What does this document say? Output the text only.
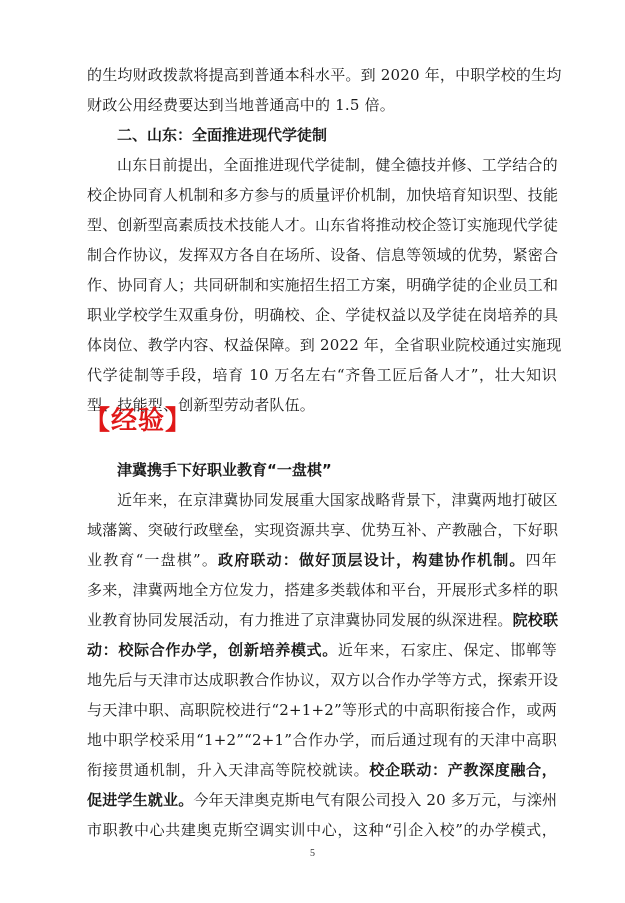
的生均财政拨款将提高到普通本科水平。到 2020 年，中职学校的生均
财政公用经费要达到当地普通高中的 1.5 倍。
二、山东：全面推进现代学徒制
山东日前提出，全面推进现代学徒制，健全德技并修、工学结合的
校企协同育人机制和多方参与的质量评价机制，加快培育知识型、技能
型、创新型高素质技术技能人才。山东省将推动校企签订实施现代学徒
制合作协议，发挥双方各自在场所、设备、信息等领域的优势，紧密合
作、协同育人；共同研制和实施招生招工方案，明确学徒的企业员工和
职业学校学生双重身份，明确校、企、学徒权益以及学徒在岗培养的具
体岗位、教学内容、权益保障。到 2022 年，全省职业院校通过实施现
代学徒制等手段，培育 10 万名左右“齐鲁工匠后备人才”，壮大知识
型、技能型、创新型劳动者队伍。
【经验】
津冀携手下好职业教育“一盘棋”
近年来，在京津冀协同发展重大国家战略背景下，津冀两地打破区
域藩篱、突破行政壁垒，实现资源共享、优势互补、产教融合，下好职
业教育“一盘棋”。政府联动：做好顶层设计，构建协作机制。四年
多来，津冀两地全方位发力，搭建多类载体和平台，开展形式多样的职
业教育协同发展活动，有力推进了京津冀协同发展的纵深进程。院校联
动：校际合作办学，创新培养模式。近年来，石家庄、保定、邯郸等
地先后与天津市达成职教合作协议，双方以合作办学等方式，探索开设
与天津中职、高职院校进行“2+1+2”等形式的中高职衔接合作，或两
地中职学校采用“1+2”“2+1”合作办学，而后通过现有的天津中高职
衔接贯通机制，升入天津高等院校就读。校企联动：产教深度融合，
促进学生就业。今年天津奥克斯电气有限公司投入 20 多万元，与滦州
市职教中心共建奥克斯空调实训中心，这种“引企入校”的办学模式，
5
